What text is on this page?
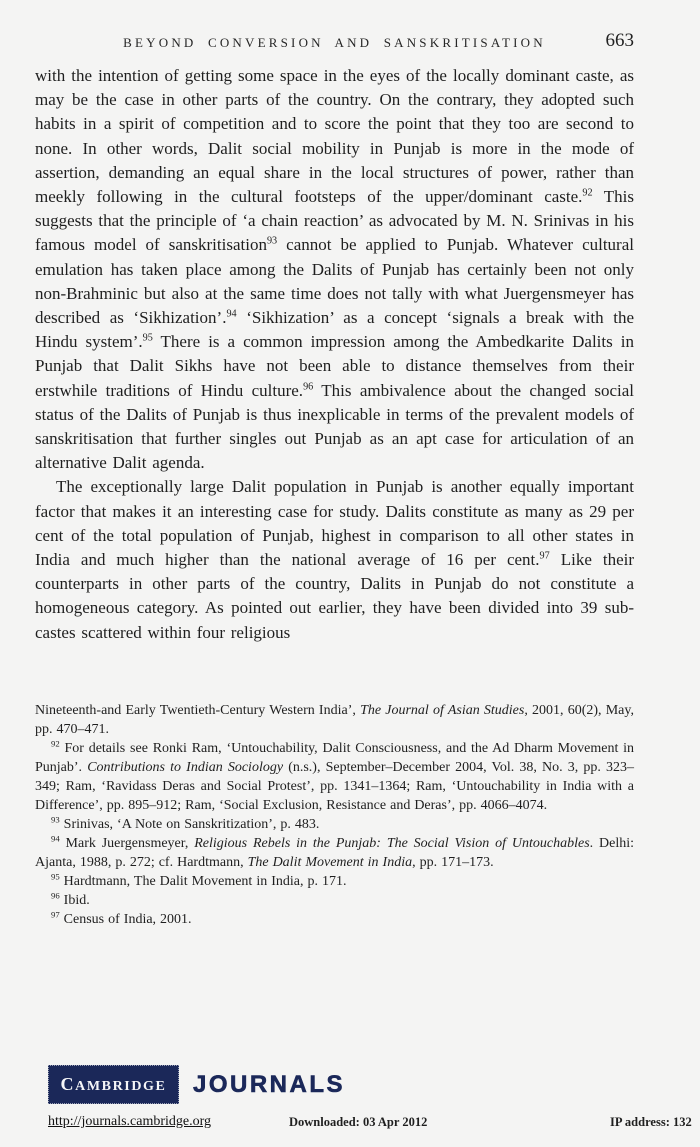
BEYOND CONVERSION AND SANSKRITISATION	663

with the intention of getting some space in the eyes of the locally dominant caste, as may be the case in other parts of the country. On the contrary, they adopted such habits in a spirit of competition and to score the point that they too are second to none. In other words, Dalit social mobility in Punjab is more in the mode of assertion, demanding an equal share in the local structures of power, rather than meekly following in the cultural footsteps of the upper/dominant caste.$^{92}$ This suggests that the principle of ‘a chain reaction’ as advocated by M. N. Srinivas in his famous model of sanskritisation$^{93}$ cannot be applied to Punjab. Whatever cultural emulation has taken place among the Dalits of Punjab has certainly been not only non-Brahminic but also at the same time does not tally with what Juergensmeyer has described as ‘Sikhization’.$^{94}$ ‘Sikhization’ as a concept ‘signals a break with the Hindu system’.$^{95}$ There is a common impression among the Ambedkarite Dalits in Punjab that Dalit Sikhs have not been able to distance themselves from their erstwhile traditions of Hindu culture.$^{96}$ This ambivalence about the changed social status of the Dalits of Punjab is thus inexplicable in terms of the prevalent models of sanskritisation that further singles out Punjab as an apt case for articulation of an alternative Dalit agenda.

The exceptionally large Dalit population in Punjab is another equally important factor that makes it an interesting case for study. Dalits constitute as many as 29 per cent of the total population of Punjab, highest in comparison to all other states in India and much higher than the national average of 16 per cent.$^{97}$ Like their counterparts in other parts of the country, Dalits in Punjab do not constitute a homogeneous category. As pointed out earlier, they have been divided into 39 sub-castes scattered within four religious

Nineteenth-and Early Twentieth-Century Western India’, The Journal of Asian Studies, 2001, 60(2), May, pp. 470–471.

$^{92}$ For details see Ronki Ram, ‘Untouchability, Dalit Consciousness, and the Ad Dharm Movement in Punjab’. Contributions to Indian Sociology (n.s.), September–December 2004, Vol. 38, No. 3, pp. 323–349; Ram, ‘Ravidass Deras and Social Protest’, pp. 1341–1364; Ram, ‘Untouchability in India with a Difference’, pp. 895–912; Ram, ‘Social Exclusion, Resistance and Deras’, pp. 4066–4074.

$^{93}$ Srinivas, ‘A Note on Sanskritization’, p. 483.

$^{94}$ Mark Juergensmeyer, Religious Rebels in the Punjab: The Social Vision of Untouchables. Delhi: Ajanta, 1988, p. 272; cf. Hardtmann, The Dalit Movement in India, pp. 171–173.

$^{95}$ Hardtmann, The Dalit Movement in India, p. 171.

$^{96}$ Ibid.

$^{97}$ Census of India, 2001.

CAMBRIDGE JOURNALS
http://journals.cambridge.org	Downloaded: 03 Apr 2012	IP address: 132
